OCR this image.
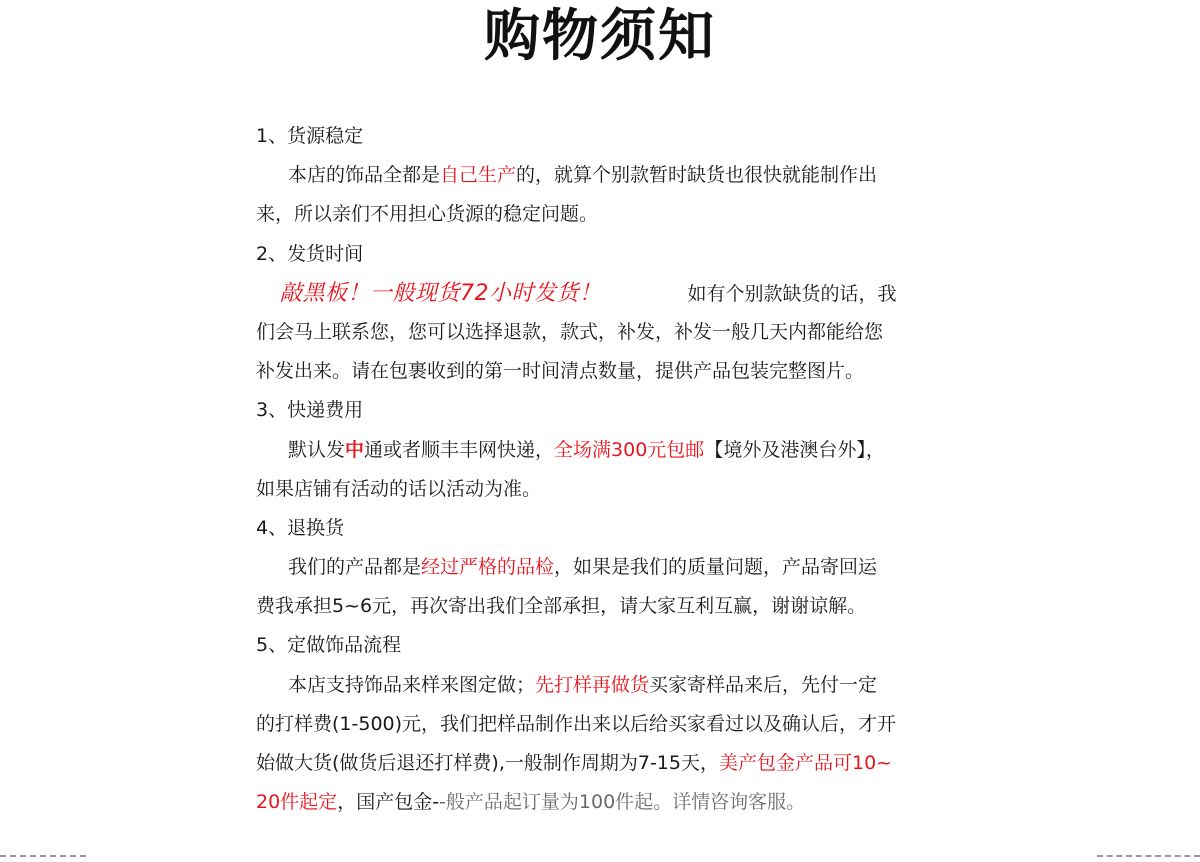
购物须知
1、货源稳定
本店的饰品全都是自己生产的，就算个别款暂时缺货也很快就能制作出
来，所以亲们不用担心货源的稳定问题。
2、发货时间
敲黑板！一般现货72小时发货！	如有个别款缺货的话，我
们会马上联系您，您可以选择退款，款式，补发，补发一般几天内都能给您
补发出来。请在包裹收到的第一时间清点数量，提供产品包装完整图片。
3、快递费用
默认发中通或者顺丰丰网快递，全场满300元包邮【境外及港澳台外】，
如果店铺有活动的话以活动为准。
4、退换货
我们的产品都是经过严格的品检，如果是我们的质量问题，产品寄回运
费我承担5~6元，再次寄出我们全部承担，请大家互利互赢，谢谢谅解。
5、定做饰品流程
本店支持饰品来样来图定做；先打样再做货买家寄样品来后，先付一定
的打样费(1-500)元，我们把样品制作出来以后给买家看过以及确认后，才开
始做大货(做货后退还打样费),一般制作周期为7-15天，美产包金产品可10~
20件起定，国产包金--般产品起订量为100件起。详情咨询客服。
